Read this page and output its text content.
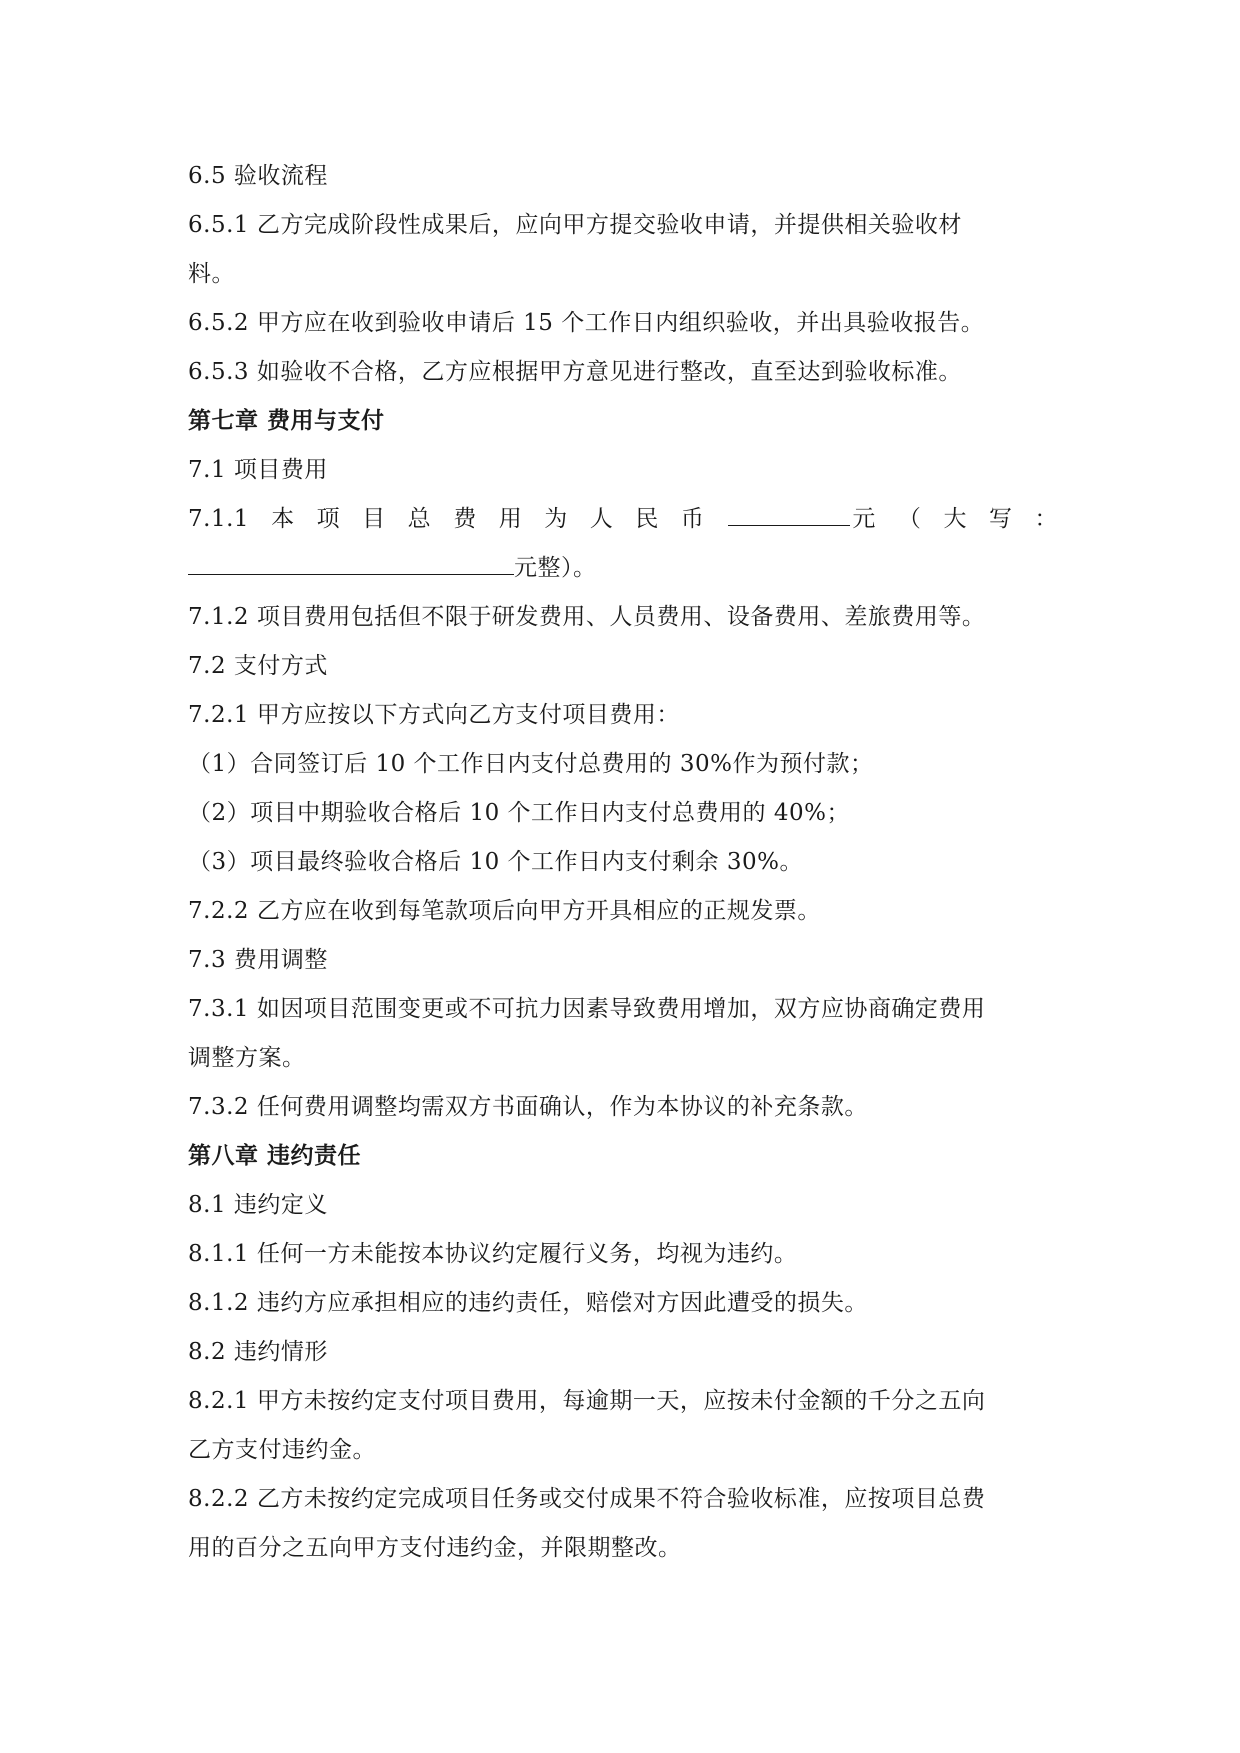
6.5 验收流程
6.5.1 乙方完成阶段性成果后，应向甲方提交验收申请，并提供相关验收材
料。
6.5.2 甲方应在收到验收申请后 15 个工作日内组织验收，并出具验收报告。
6.5.3 如验收不合格，乙方应根据甲方意见进行整改，直至达到验收标准。
第七章 费用与支付
7.1 项目费用
7.1.1 本 项 目 总 费 用 为 人 民 币	元 （ 大 写 ：
元整）。
7.1.2 项目费用包括但不限于研发费用、人员费用、设备费用、差旅费用等。
7.2 支付方式
7.2.1 甲方应按以下方式向乙方支付项目费用：
（1）合同签订后 10 个工作日内支付总费用的 30%作为预付款；
（2）项目中期验收合格后 10 个工作日内支付总费用的 40%；
（3）项目最终验收合格后 10 个工作日内支付剩余 30%。
7.2.2 乙方应在收到每笔款项后向甲方开具相应的正规发票。
7.3 费用调整
7.3.1 如因项目范围变更或不可抗力因素导致费用增加，双方应协商确定费用
调整方案。
7.3.2 任何费用调整均需双方书面确认，作为本协议的补充条款。
第八章 违约责任
8.1 违约定义
8.1.1 任何一方未能按本协议约定履行义务，均视为违约。
8.1.2 违约方应承担相应的违约责任，赔偿对方因此遭受的损失。
8.2 违约情形
8.2.1 甲方未按约定支付项目费用，每逾期一天，应按未付金额的千分之五向
乙方支付违约金。
8.2.2 乙方未按约定完成项目任务或交付成果不符合验收标准，应按项目总费
用的百分之五向甲方支付违约金，并限期整改。
